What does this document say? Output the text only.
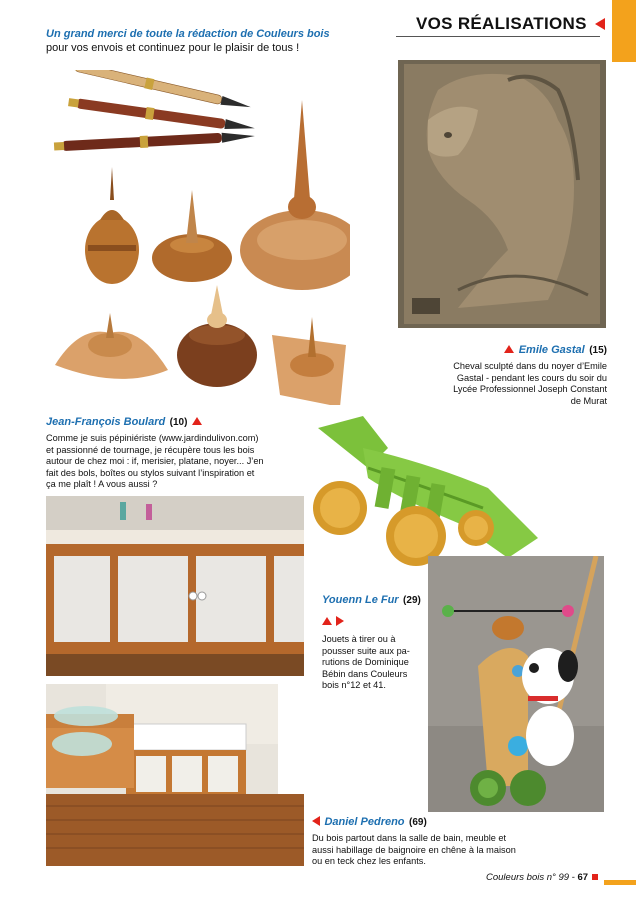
Un grand merci de toute la rédaction de Couleurs bois
pour vos envois et continuez pour le plaisir de tous !
VOS RÉALISATIONS
Emile Gastal (15)
Cheval sculpté dans du noyer d’Emile
Gastal - pendant les cours du soir du
Lycée Professionnel Joseph Constant
de Murat
Jean-François Boulard (10)
Comme je suis pépiniériste (www.jardindulivon.com)
et passionné de tournage, je récupère tous les bois
autour de chez moi : if, merisier, platane, noyer... J’en
fait des bols, boîtes ou stylos suivant l’inspiration et
ça me plaît ! A vous aussi ?
Youenn Le Fur (29)

Jouets à tirer ou à
pousser suite aux pa-
rutions de Dominique
Bébin dans Couleurs
bois n°12 et 41.
Daniel Pedreno (69)
Du bois partout dans la salle de bain, meuble et
aussi habillage de baignoire en chêne à la maison
ou en teck chez les enfants.
Couleurs bois n° 99 - 67
